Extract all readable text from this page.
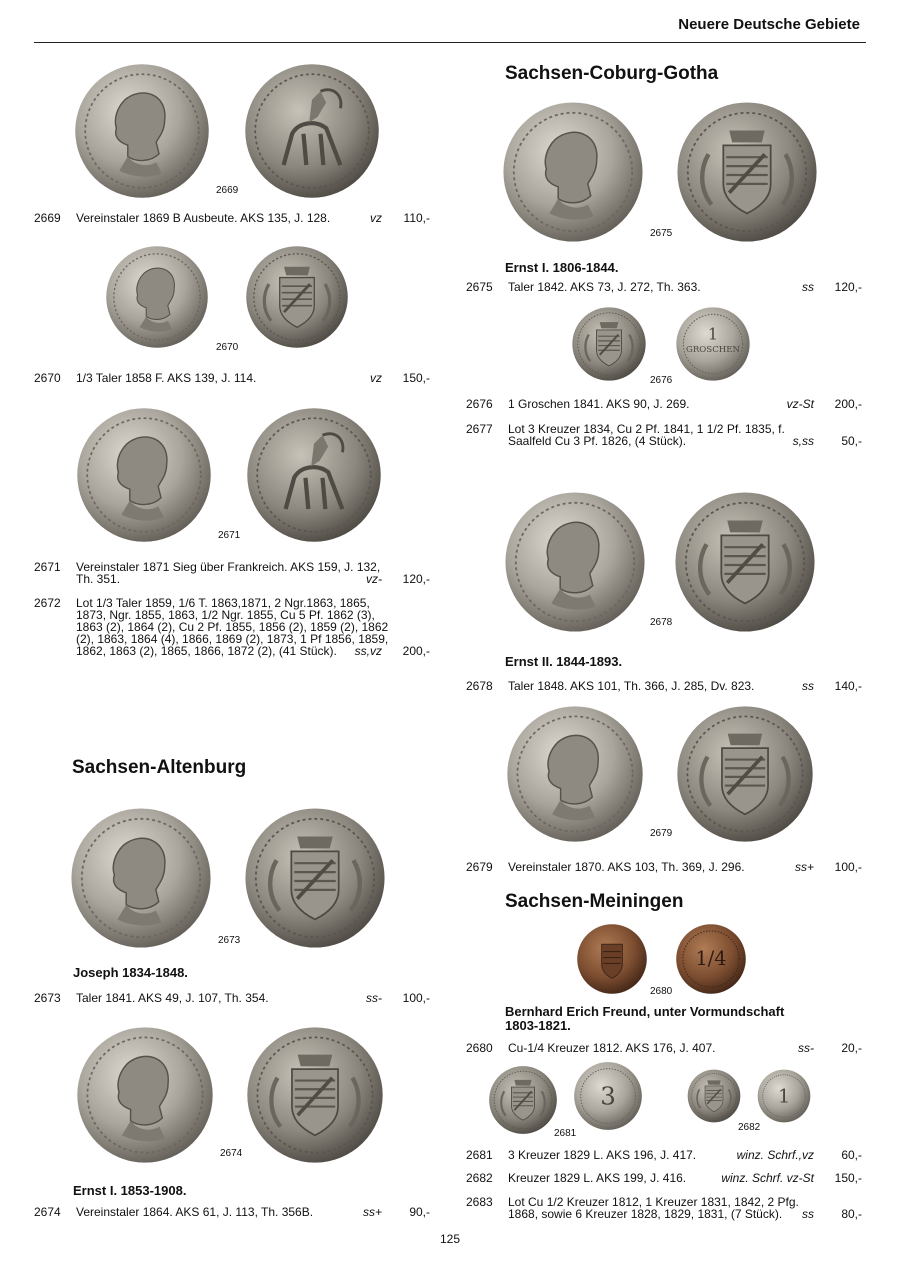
Neuere Deutsche Gebiete
2669
2669	Vereinstaler 1869 B Ausbeute. AKS 135, J. 128.	vz	110,-
2670
2670	1/3 Taler 1858 F. AKS 139, J. 114.	vz	150,-
2671
2671	Vereinstaler 1871 Sieg über Frankreich. AKS 159, J. 132,
Th. 351.	vz-	120,-
2672	Lot 1/3 Taler 1859, 1/6 T. 1863,1871, 2 Ngr.1863, 1865,
1873, Ngr. 1855, 1863, 1/2 Ngr. 1855, Cu 5 Pf. 1862 (3),
1863 (2), 1864 (2), Cu 2 Pf. 1855, 1856 (2), 1859 (2), 1862
(2), 1863, 1864 (4), 1866, 1869 (2), 1873, 1 Pf 1856, 1859,
1862, 1863 (2), 1865, 1866, 1872 (2), (41 Stück). ss,vz	200,-
Sachsen-Altenburg
2673
Joseph 1834-1848.
2673	Taler 1841. AKS 49, J. 107, Th. 354.	ss-	100,-
2674
Ernst I. 1853-1908.
2674	Vereinstaler 1864. AKS 61, J. 113, Th. 356B.	ss+	90,-
Sachsen-Coburg-Gotha
2675
Ernst I. 1806-1844.
2675	Taler 1842. AKS 73, J. 272, Th. 363.	ss	120,-
2676
2676	1 Groschen 1841. AKS 90, J. 269.	vz-St	200,-
2677	Lot 3 Kreuzer 1834, Cu 2 Pf. 1841, 1 1/2 Pf. 1835, f.
Saalfeld Cu 3 Pf. 1826, (4 Stück).	s,ss	50,-
2678
Ernst II. 1844-1893.
2678	Taler 1848. AKS 101, Th. 366, J. 285, Dv. 823.	ss	140,-
2679
2679	Vereinstaler 1870. AKS 103, Th. 369, J. 296.	ss+	100,-
Sachsen-Meiningen
2680
Bernhard Erich Freund, unter Vormundschaft
1803-1821.
2680	Cu-1/4 Kreuzer 1812. AKS 176, J. 407.	ss-	20,-
2681
2682
2681	3 Kreuzer 1829 L. AKS 196, J. 417.	winz. Schrf.,vz	60,-
2682	Kreuzer 1829 L. AKS 199, J. 416.	winz. Schrf. vz-St	150,-
2683	Lot Cu 1/2 Kreuzer 1812, 1 Kreuzer 1831, 1842, 2 Pfg.
1868, sowie 6 Kreuzer 1828, 1829, 1831, (7 Stück). ss	80,-
125
